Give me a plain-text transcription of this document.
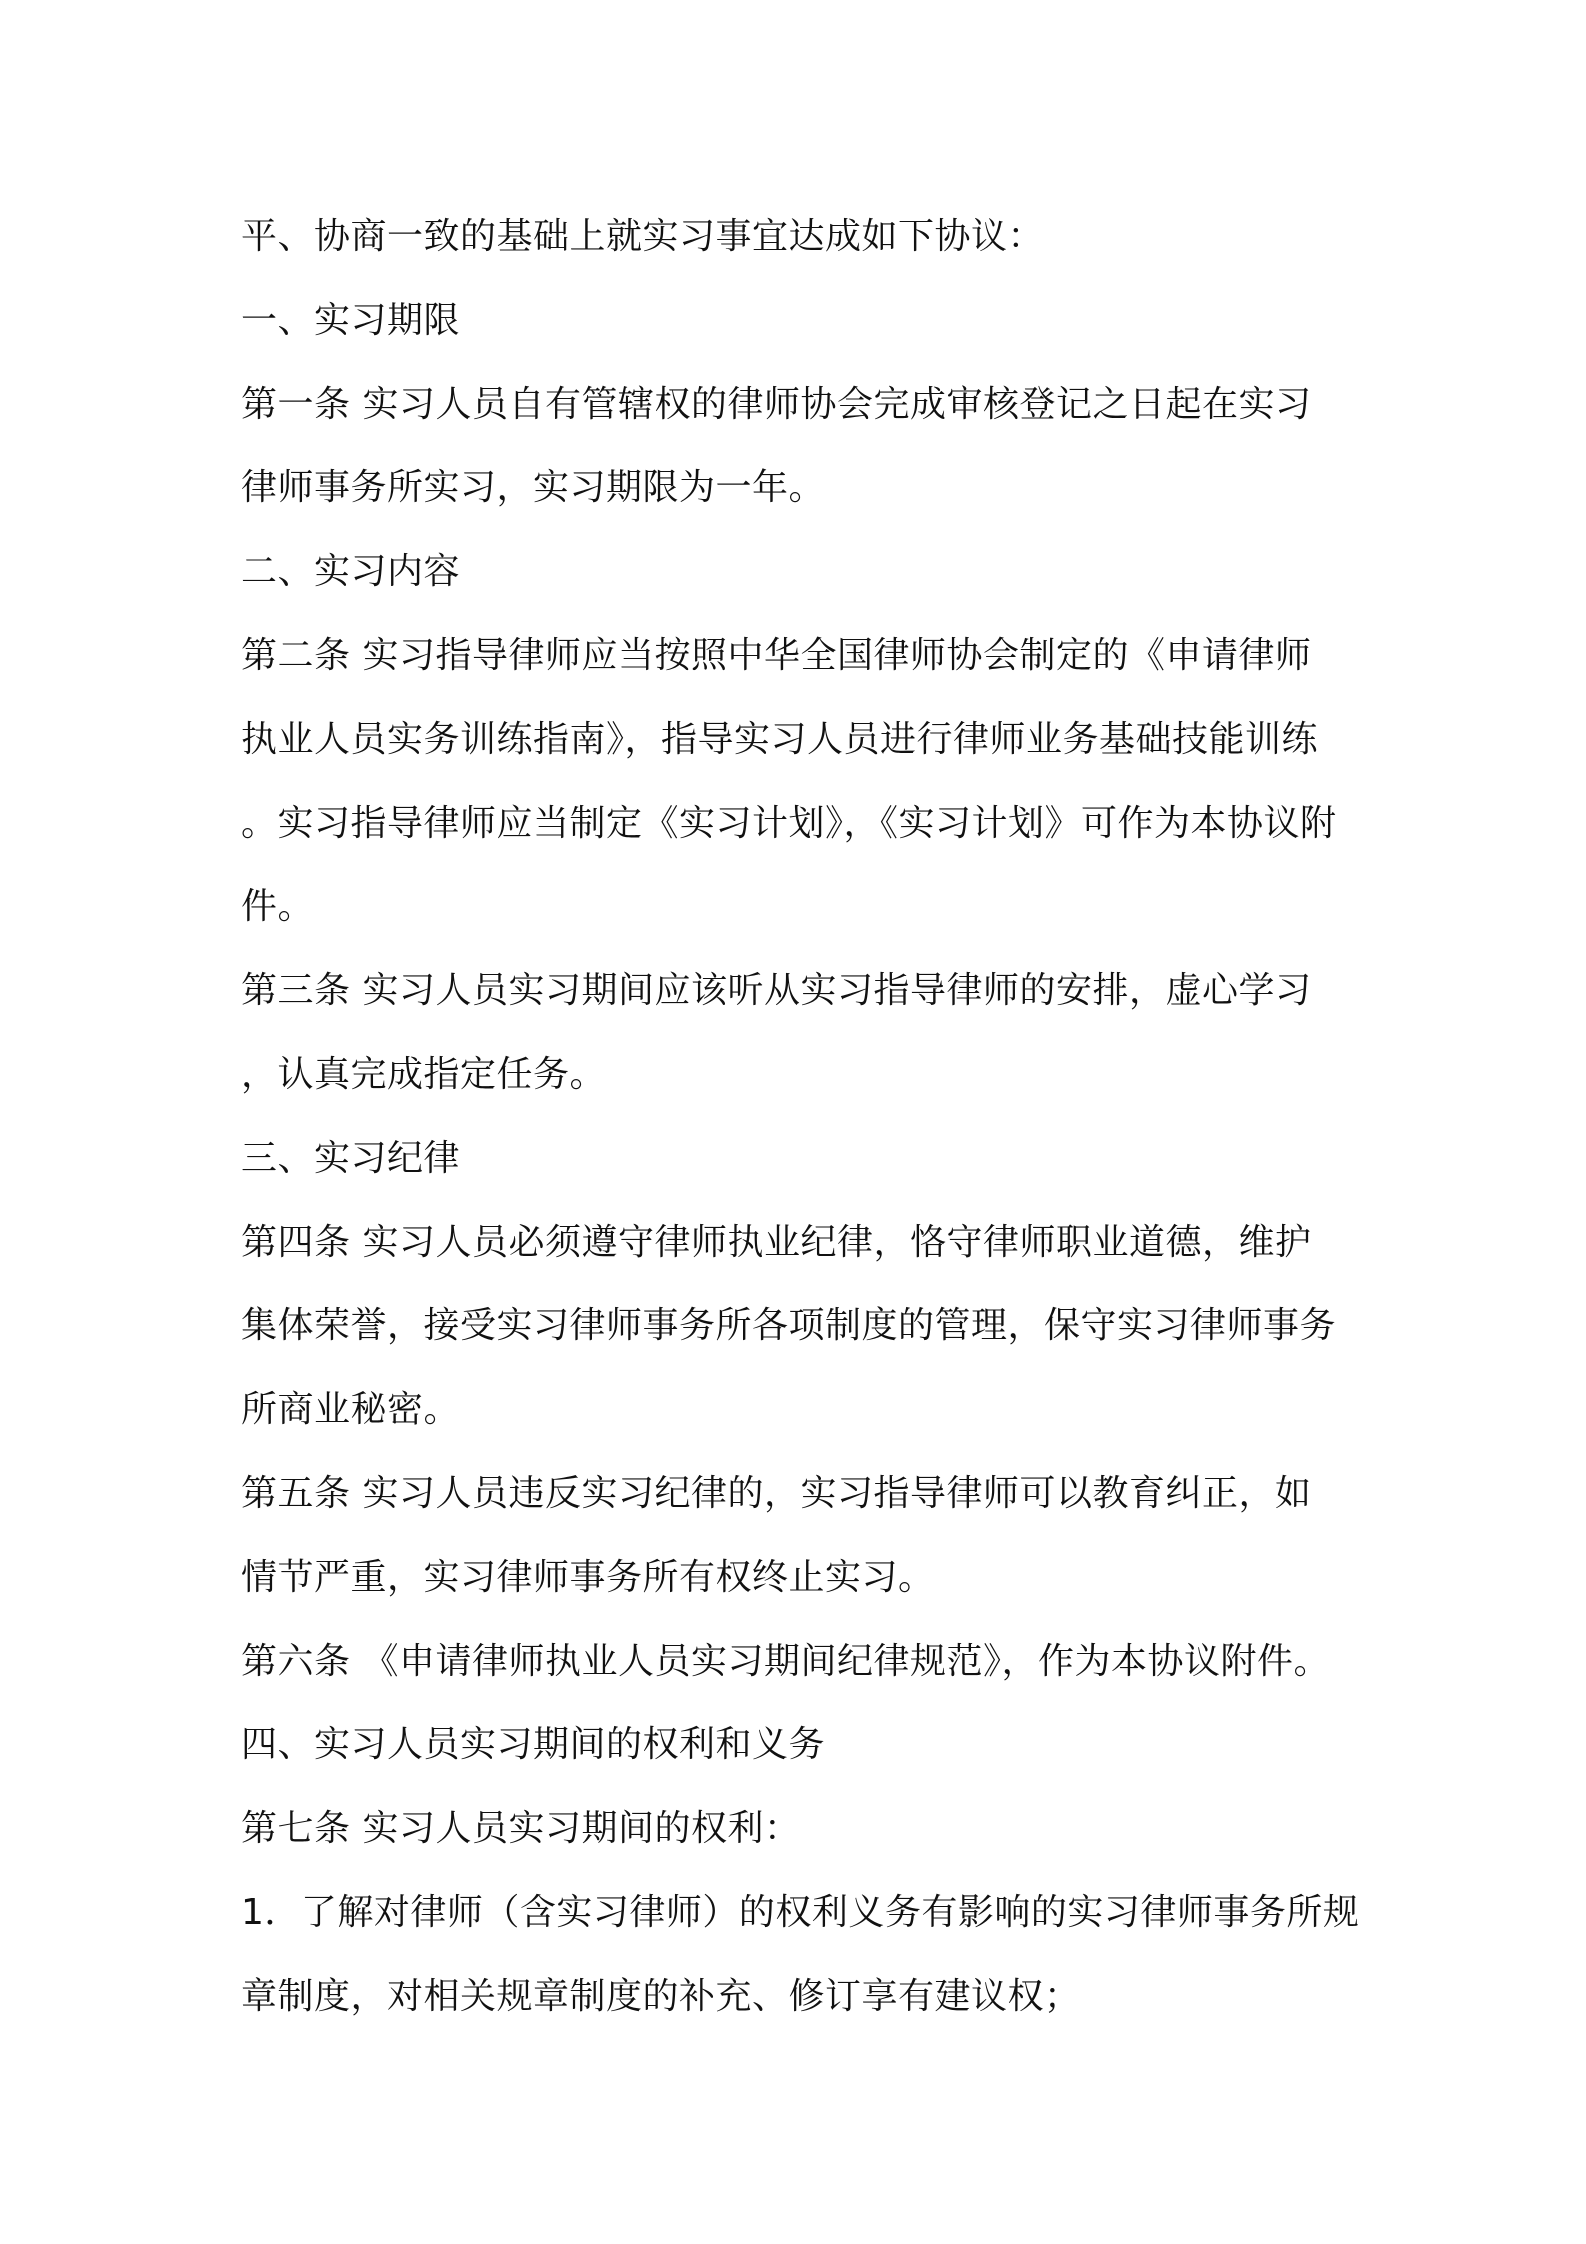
平、协商一致的基础上就实习事宜达成如下协议：
一、实习期限
第一条 实习人员自有管辖权的律师协会完成审核登记之日起在实习
律师事务所实习，实习期限为一年。
二、实习内容
第二条 实习指导律师应当按照中华全国律师协会制定的《申请律师
执业人员实务训练指南》，指导实习人员进行律师业务基础技能训练
。实习指导律师应当制定《实习计划》，《实习计划》可作为本协议附
件。
第三条 实习人员实习期间应该听从实习指导律师的安排，虚心学习
，认真完成指定任务。
三、实习纪律
第四条 实习人员必须遵守律师执业纪律，恪守律师职业道德，维护
集体荣誉，接受实习律师事务所各项制度的管理，保守实习律师事务
所商业秘密。
第五条 实习人员违反实习纪律的，实习指导律师可以教育纠正，如
情节严重，实习律师事务所有权终止实习。
第六条 《申请律师执业人员实习期间纪律规范》，作为本协议附件。
四、实习人员实习期间的权利和义务
第七条 实习人员实习期间的权利：
1．了解对律师（含实习律师）的权利义务有影响的实习律师事务所规
章制度，对相关规章制度的补充、修订享有建议权；
